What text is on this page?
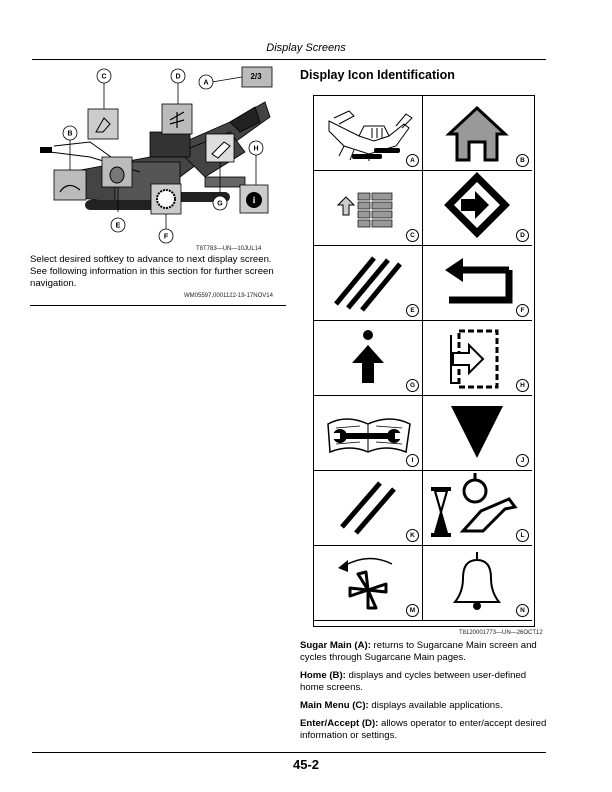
Display Screens
i
2/3
C	D
A
B
H
G
E
F
T8T783—UN—10JUL14
Select desired softkey to advance to next display screen. See following information in this section for further screen navigation.
WM05597,0001122-19-17NOV14
Display Icon Identification
A	B
C	D
E	F
G	H
I	J
K	L
M	N
T8120001773—UN—26OCT12

Sugar Main (A): returns to Sugarcane Main screen and cycles through Sugarcane Main pages.

Home (B): displays and cycles between user-defined home screens.

Main Menu (C): displays available applications.

Enter/Accept (D): allows operator to enter/accept desired information or settings.

45-2
